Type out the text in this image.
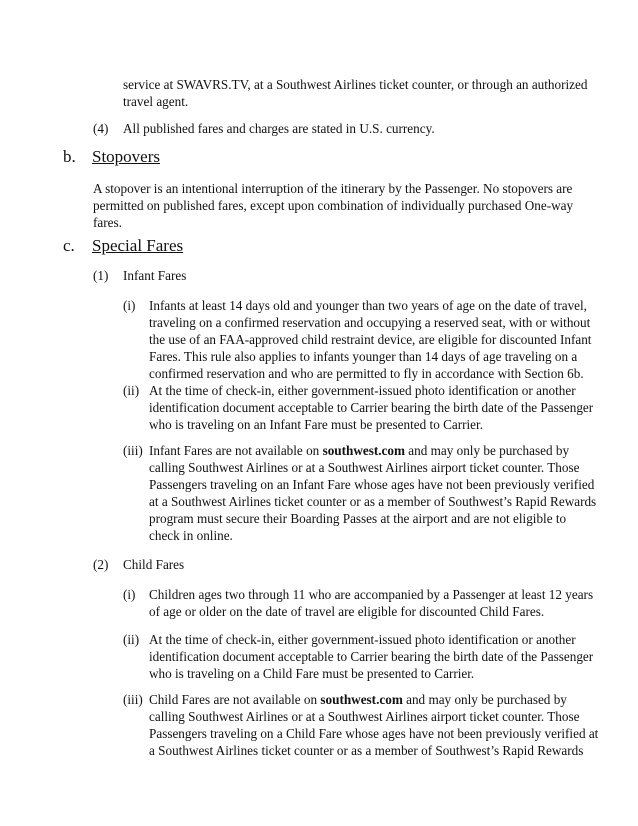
service at SWAVRS.TV, at a Southwest Airlines ticket counter, or through an authorized
travel agent.
(4) All published fares and charges are stated in U.S. currency.
b. Stopovers
A stopover is an intentional interruption of the itinerary by the Passenger. No stopovers are
permitted on published fares, except upon combination of individually purchased One-way
fares.
c. Special Fares
(1) Infant Fares
(i) Infants at least 14 days old and younger than two years of age on the date of travel,
traveling on a confirmed reservation and occupying a reserved seat, with or without
the use of an FAA-approved child restraint device, are eligible for discounted Infant
Fares. This rule also applies to infants younger than 14 days of age traveling on a
confirmed reservation and who are permitted to fly in accordance with Section 6b.
(ii) At the time of check-in, either government-issued photo identification or another
identification document acceptable to Carrier bearing the birth date of the Passenger
who is traveling on an Infant Fare must be presented to Carrier.
(iii) Infant Fares are not available on southwest.com and may only be purchased by
calling Southwest Airlines or at a Southwest Airlines airport ticket counter. Those
Passengers traveling on an Infant Fare whose ages have not been previously verified
at a Southwest Airlines ticket counter or as a member of Southwest’s Rapid Rewards
program must secure their Boarding Passes at the airport and are not eligible to
check in online.
(2) Child Fares
(i) Children ages two through 11 who are accompanied by a Passenger at least 12 years
of age or older on the date of travel are eligible for discounted Child Fares.
(ii) At the time of check-in, either government-issued photo identification or another
identification document acceptable to Carrier bearing the birth date of the Passenger
who is traveling on a Child Fare must be presented to Carrier.
(iii) Child Fares are not available on southwest.com and may only be purchased by
calling Southwest Airlines or at a Southwest Airlines airport ticket counter. Those
Passengers traveling on a Child Fare whose ages have not been previously verified at
a Southwest Airlines ticket counter or as a member of Southwest’s Rapid Rewards
